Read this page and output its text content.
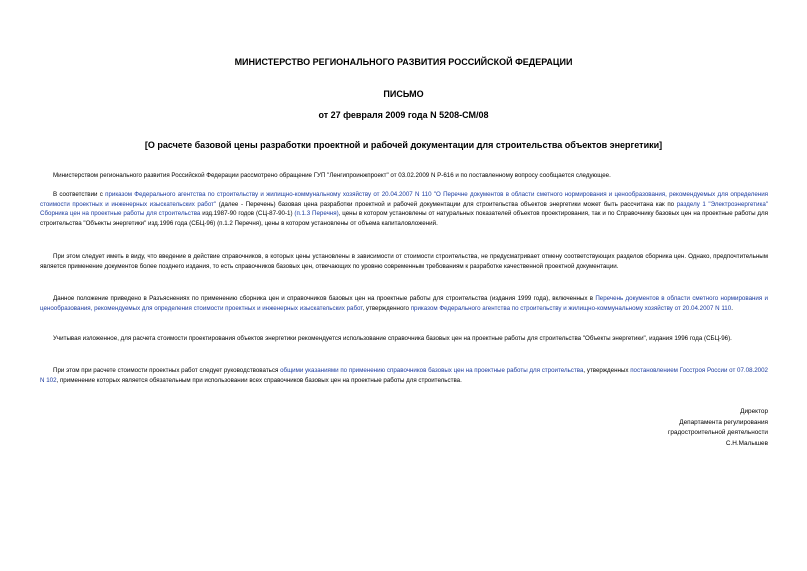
МИНИСТЕРСТВО РЕГИОНАЛЬНОГО РАЗВИТИЯ РОССИЙСКОЙ ФЕДЕРАЦИИ
ПИСЬМО
от 27 февраля 2009 года N 5208-СМ/08
[О расчете базовой цены разработки проектной и рабочей документации для строительства объектов энергетики]

Министерством регионального развития Российской Федерации рассмотрено обращение ГУП "Ленгипроинжпроект" от 03.02.2009 N Р-616 и по поставленному вопросу сообщается следующее.

В соответствии с приказом Федерального агентства по строительству и жилищно-коммунальному хозяйству от 20.04.2007 N 110 "О Перечне документов в области сметного нормирования и ценообразования, рекомендуемых для определения стоимости проектных и инженерных изыскательских работ" (далее - Перечень) базовая цена разработки проектной и рабочей документации для строительства объектов энергетики может быть рассчитана как по разделу 1 "Электроэнергетика" Сборника цен на проектные работы для строительства изд.1987-90 годов (СЦ-87-90-1) (п.1.3 Перечня), цены в котором установлены от натуральных показателей объектов проектирования, так и по Справочнику базовых цен на проектные работы для строительства "Объекты энергетики" изд.1996 года (СБЦ-96) (п.1.2 Перечня), цены в котором установлены от объема капиталовложений.

При этом следует иметь в виду, что введение в действие справочников, в которых цены установлены в зависимости от стоимости строительства, не предусматривает отмену соответствующих разделов сборника цен. Однако, предпочтительным является применение документов более позднего издания, то есть справочников базовых цен, отвечающих по уровню современным требованиям к разработке качественной проектной документации.

Данное положение приведено в Разъяснениях по применению сборника цен и справочников базовых цен на проектные работы для строительства (издания 1999 года), включенных в Перечень документов в области сметного нормирования и ценообразования, рекомендуемых для определения стоимости проектных и инженерных изыскательских работ, утвержденного приказом Федерального агентства по строительству и жилищно-коммунальному хозяйству от 20.04.2007 N 110.

Учитывая изложенное, для расчета стоимости проектирования объектов энергетики рекомендуется использование справочника базовых цен на проектные работы для строительства "Объекты энергетики", издания 1996 года (СБЦ-96).

При этом при расчете стоимости проектных работ следует руководствоваться общими указаниями по применению справочников базовых цен на проектные работы для строительства, утвержденных постановлением Госстроя России от 07.08.2002 N 102, применение которых является обязательным при использовании всех справочников базовых цен на проектные работы для строительства.

Директор
Департамента регулирования
градостроительной деятельности
С.Н.Малышев
